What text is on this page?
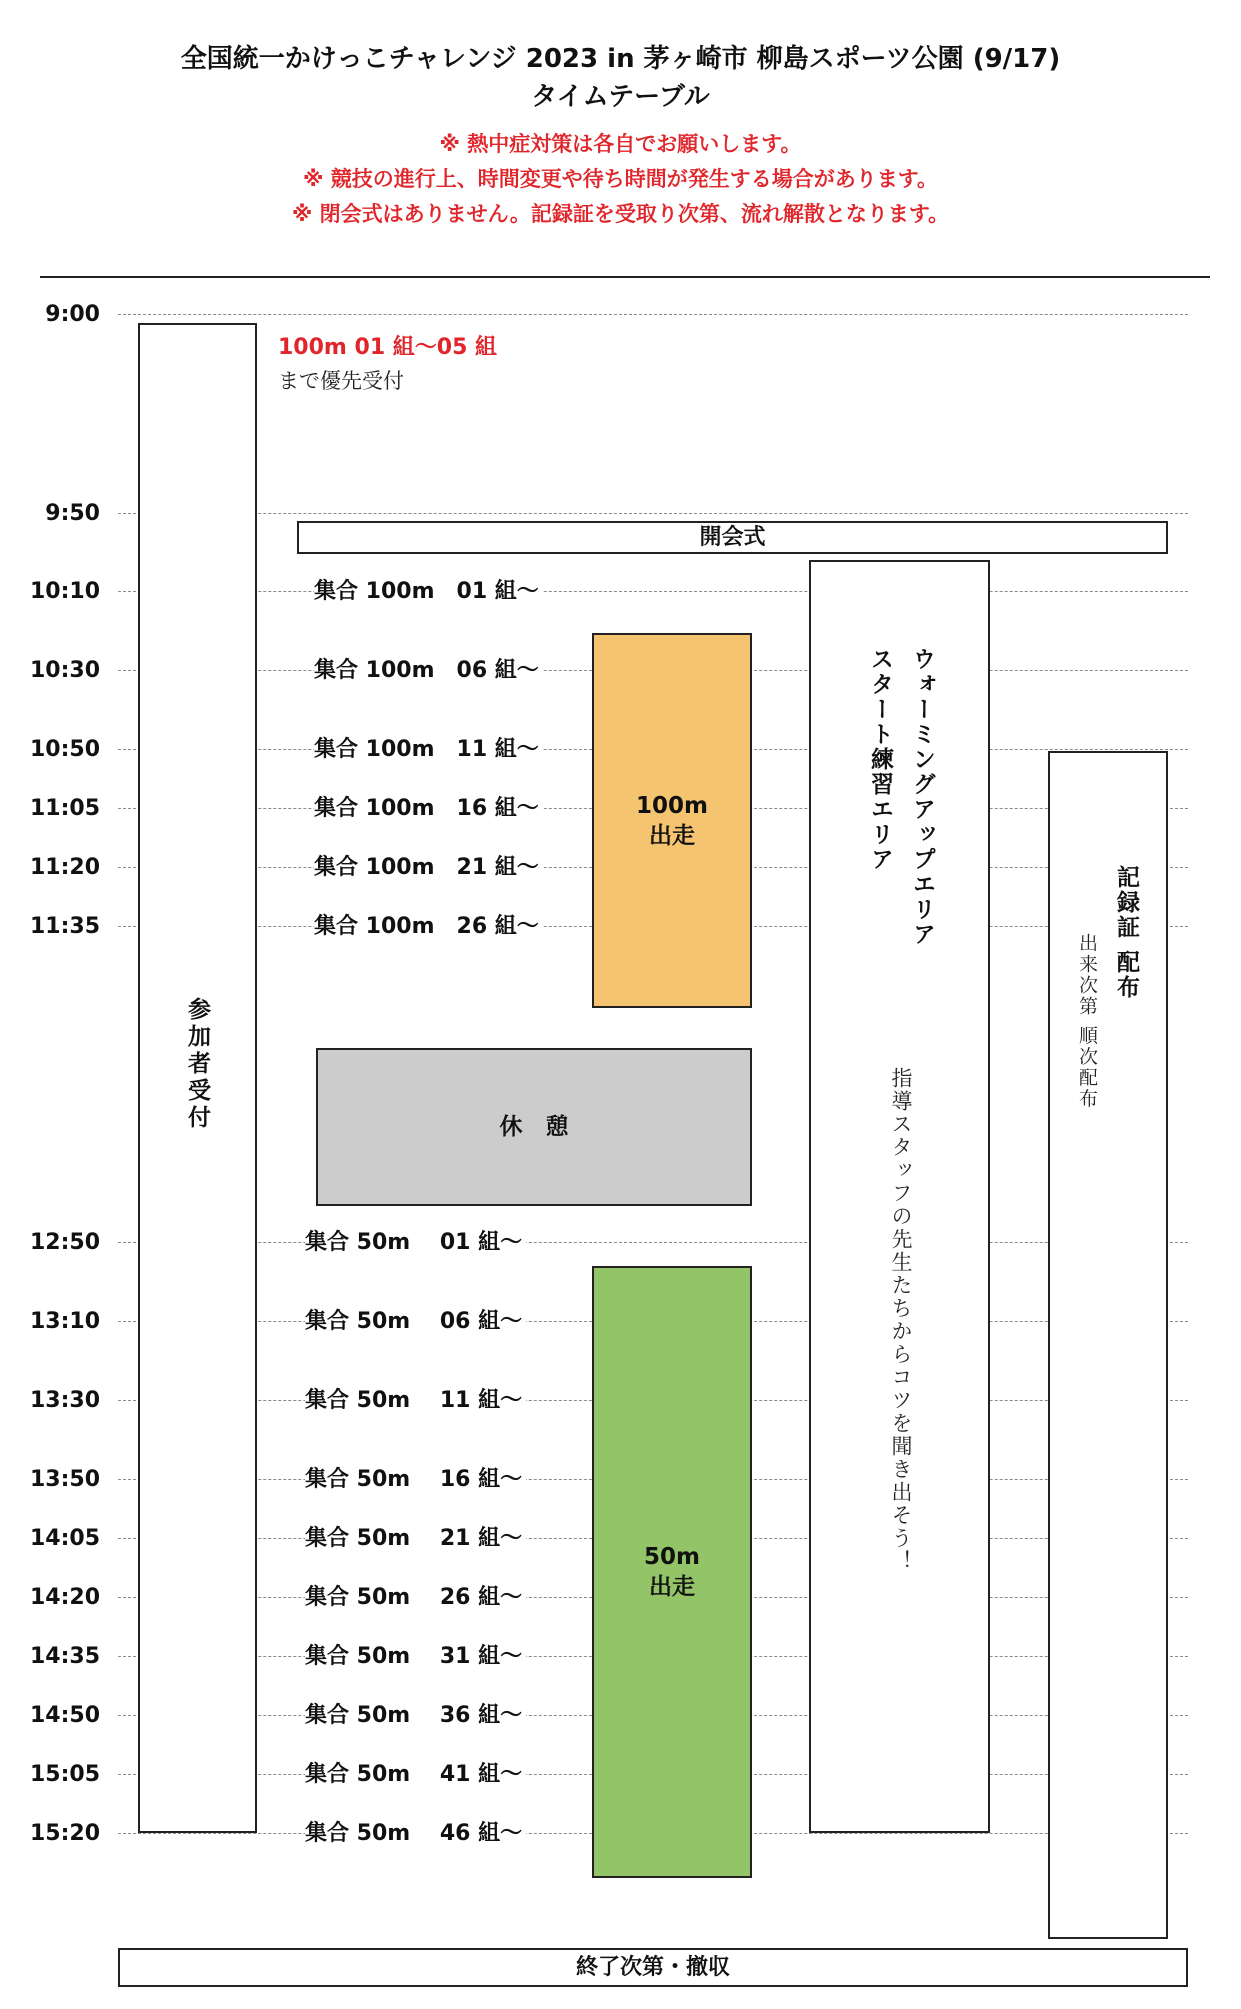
全国統一かけっこチャレンジ 2023 in 茅ヶ崎市 柳島スポーツ公園 (9/17)
タイムテーブル
※ 熱中症対策は各自でお願いします。
※ 競技の進行上、時間変更や待ち時間が発生する場合があります。
※ 閉会式はありません。記録証を受取り次第、流れ解散となります。
9:00
9:50
10:10
10:30
10:50
11:05
11:20
11:35
12:50
13:10
13:30
13:50
14:05
14:20
14:35
14:50
15:05
15:20
参加者受付
100m 01 組〜05 組
まで優先受付
開会式
集合 100m　01 組〜
集合 100m　06 組〜
集合 100m　11 組〜
集合 100m　16 組〜
集合 100m　21 組〜
集合 100m　26 組〜
100m
出走
休　憩
集合 50m　 01 組〜
集合 50m　 06 組〜
集合 50m　 11 組〜
集合 50m　 16 組〜
集合 50m　 21 組〜
集合 50m　 26 組〜
集合 50m　 31 組〜
集合 50m　 36 組〜
集合 50m　 41 組〜
集合 50m　 46 組〜
50m
出走
ウォーミングアップエリア
スタート練習エリア
指導スタッフの先生たちからコツを聞き出そう！
記録証 配布
出来次第 順次配布
終了次第・撤収
